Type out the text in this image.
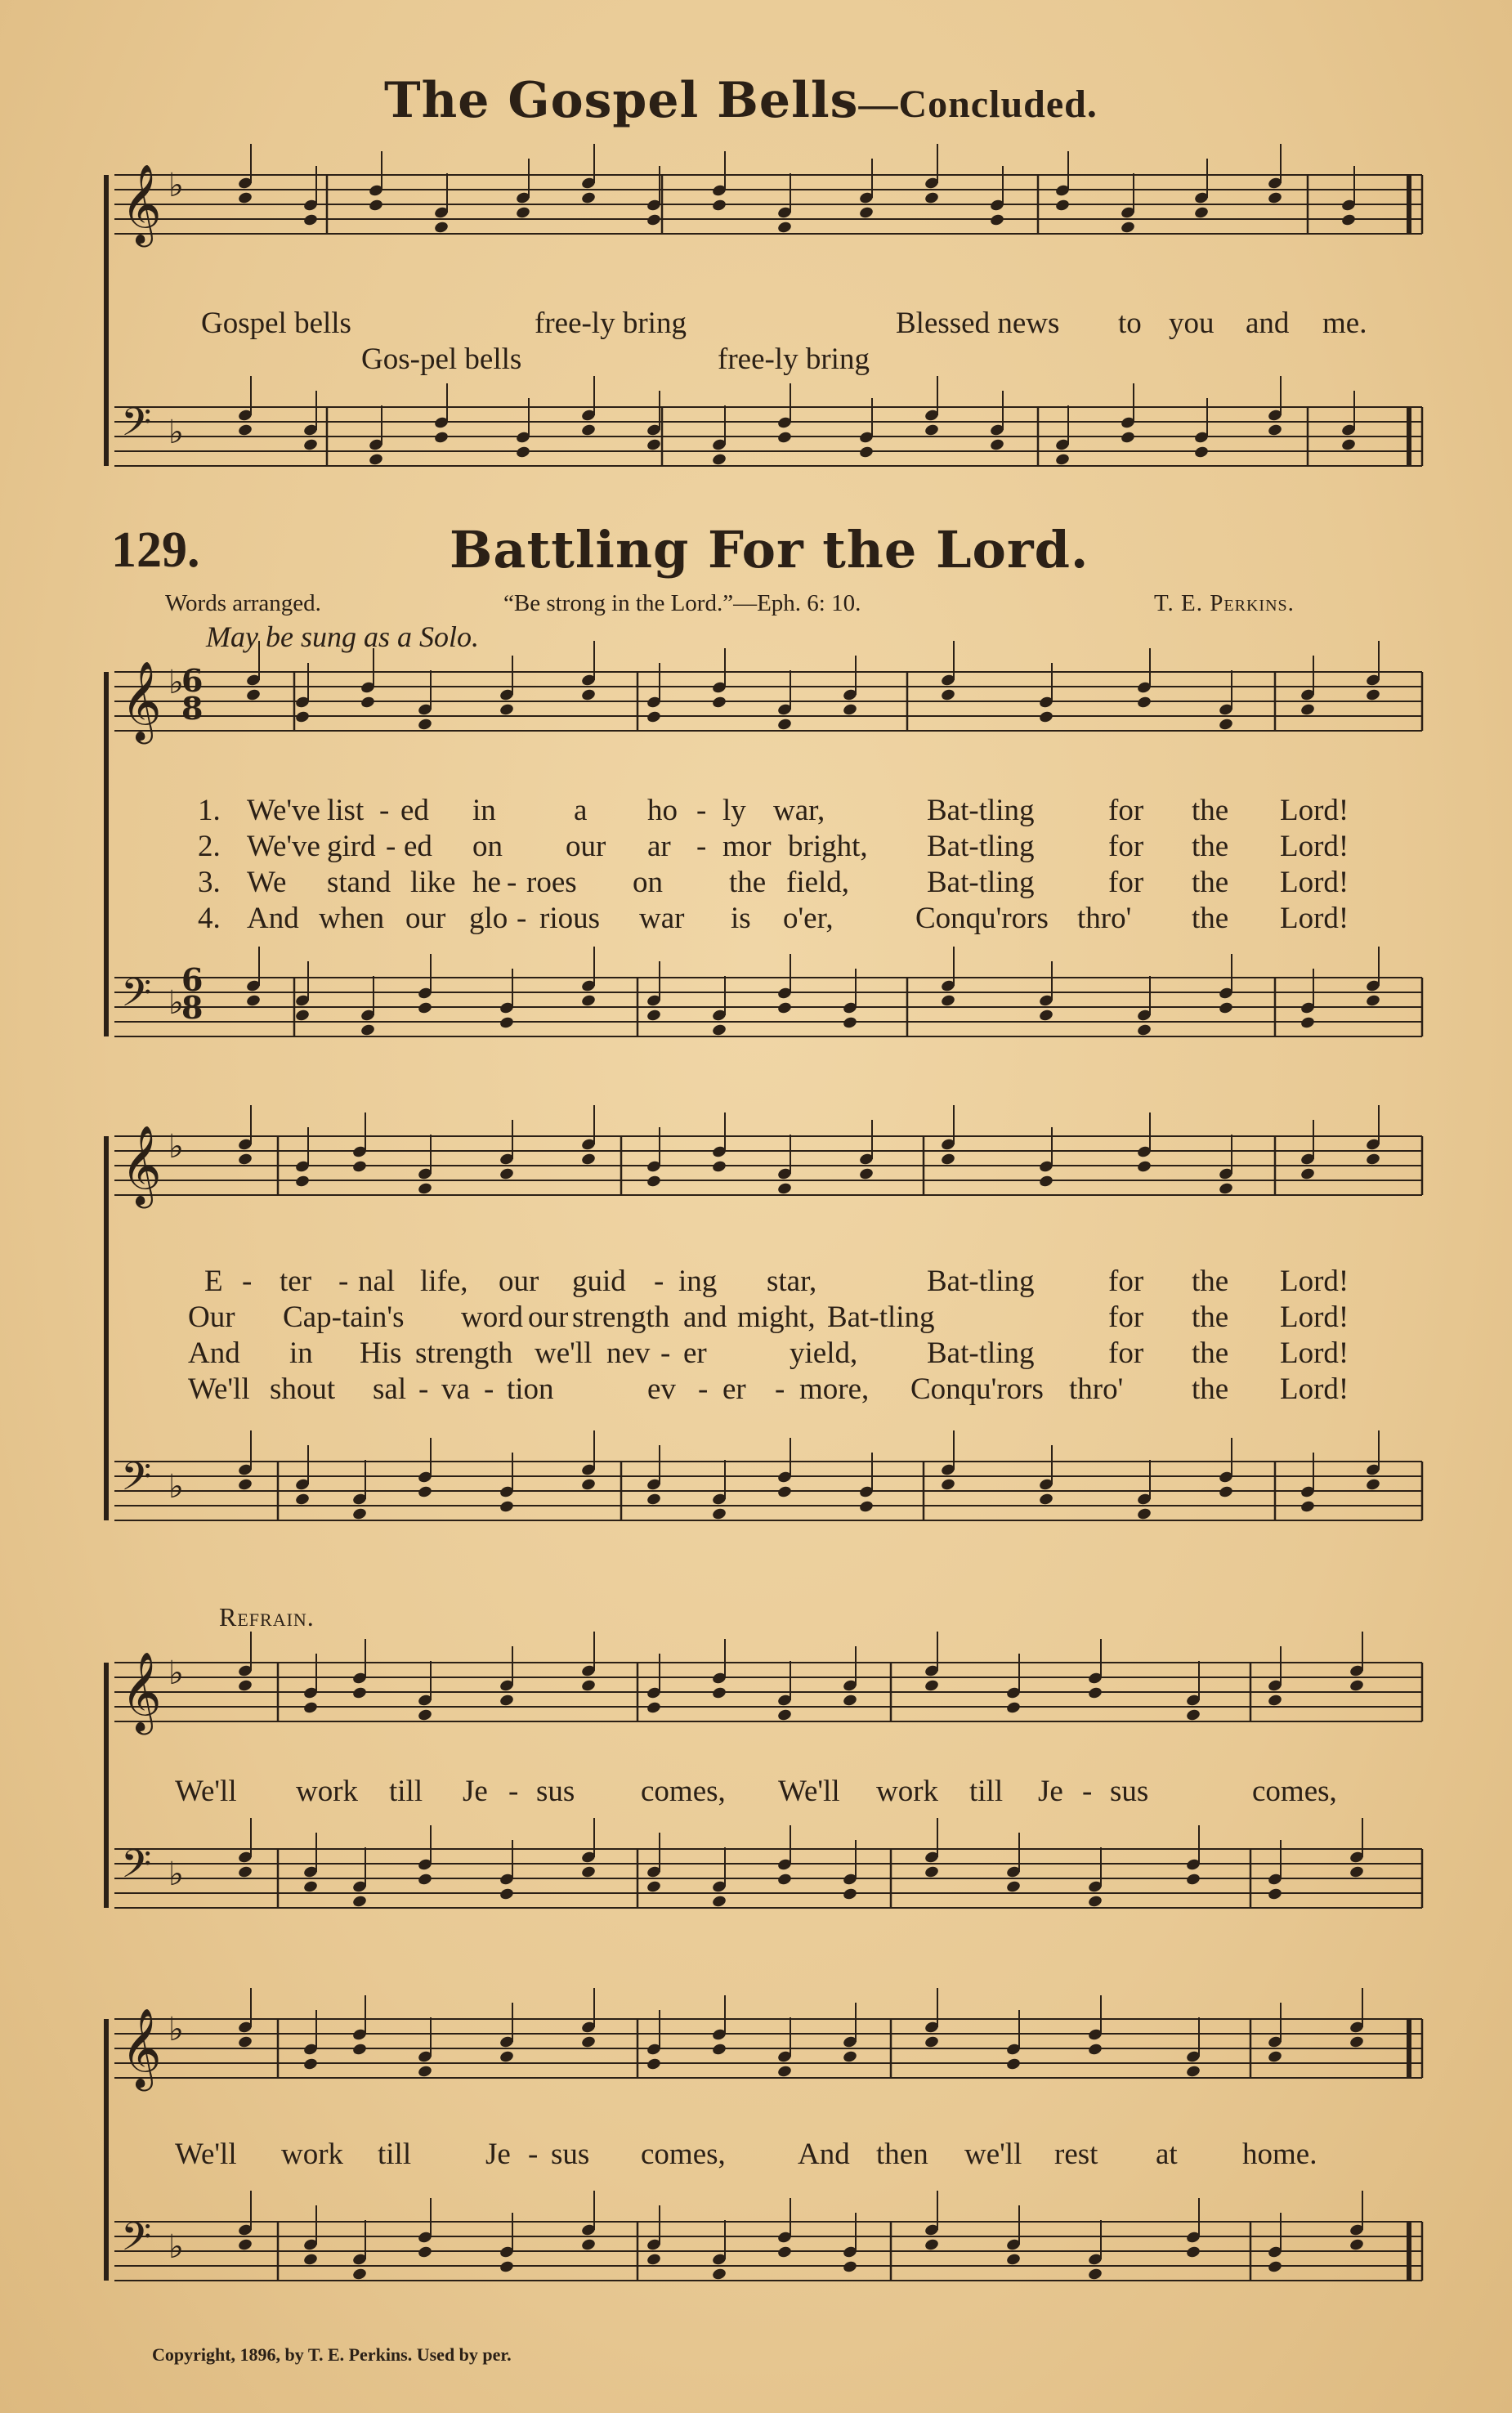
The Gospel Bells—Concluded.
129.	Battling For the Lord.
Words arranged.	“Be strong in the Lord.”—Eph. 6: 10.	T. E. Perkins.
May be sung as a Solo.
Refrain.
Copyright, 1896, by T. E. Perkins. Used by per.
Gospel bells	free-ly bring	Blessed news to you and me.
Gos-pel bells	free-ly bring
1. We've list - ed in	a ho - ly war,	Bat-tling for the Lord!
2. We've gird - ed on our ar - mor bright, Bat-tling for the Lord!
3. We stand like he - roes on the field,	Bat-tling for the Lord!
4. And when our glo - rious war is o'er,	Conqu'rors thro' the Lord!
E - ter - nal life, our guid - ing star,	Bat-tling for the Lord!
Our Cap-tain's word our strength and might, Bat-tling	for the Lord!
And in His strength we'll nev - er	yield, Bat-tling for the Lord!
We'll shout sal - va - tion	ev - er - more, Conqu'rors thro' the Lord!
We'll work till Je - sus comes, We'll work till Je - sus	comes,
We'll work till Je - sus comes, And then we'll rest at home.
𝄞 ♭
𝄢 ♭
𝄞 ♭
𝄢 ♭
𝄞 ♭
𝄢 ♭
𝄞 ♭
𝄢 ♭
𝄞 ♭
𝄢 ♭
6
8
6
8
